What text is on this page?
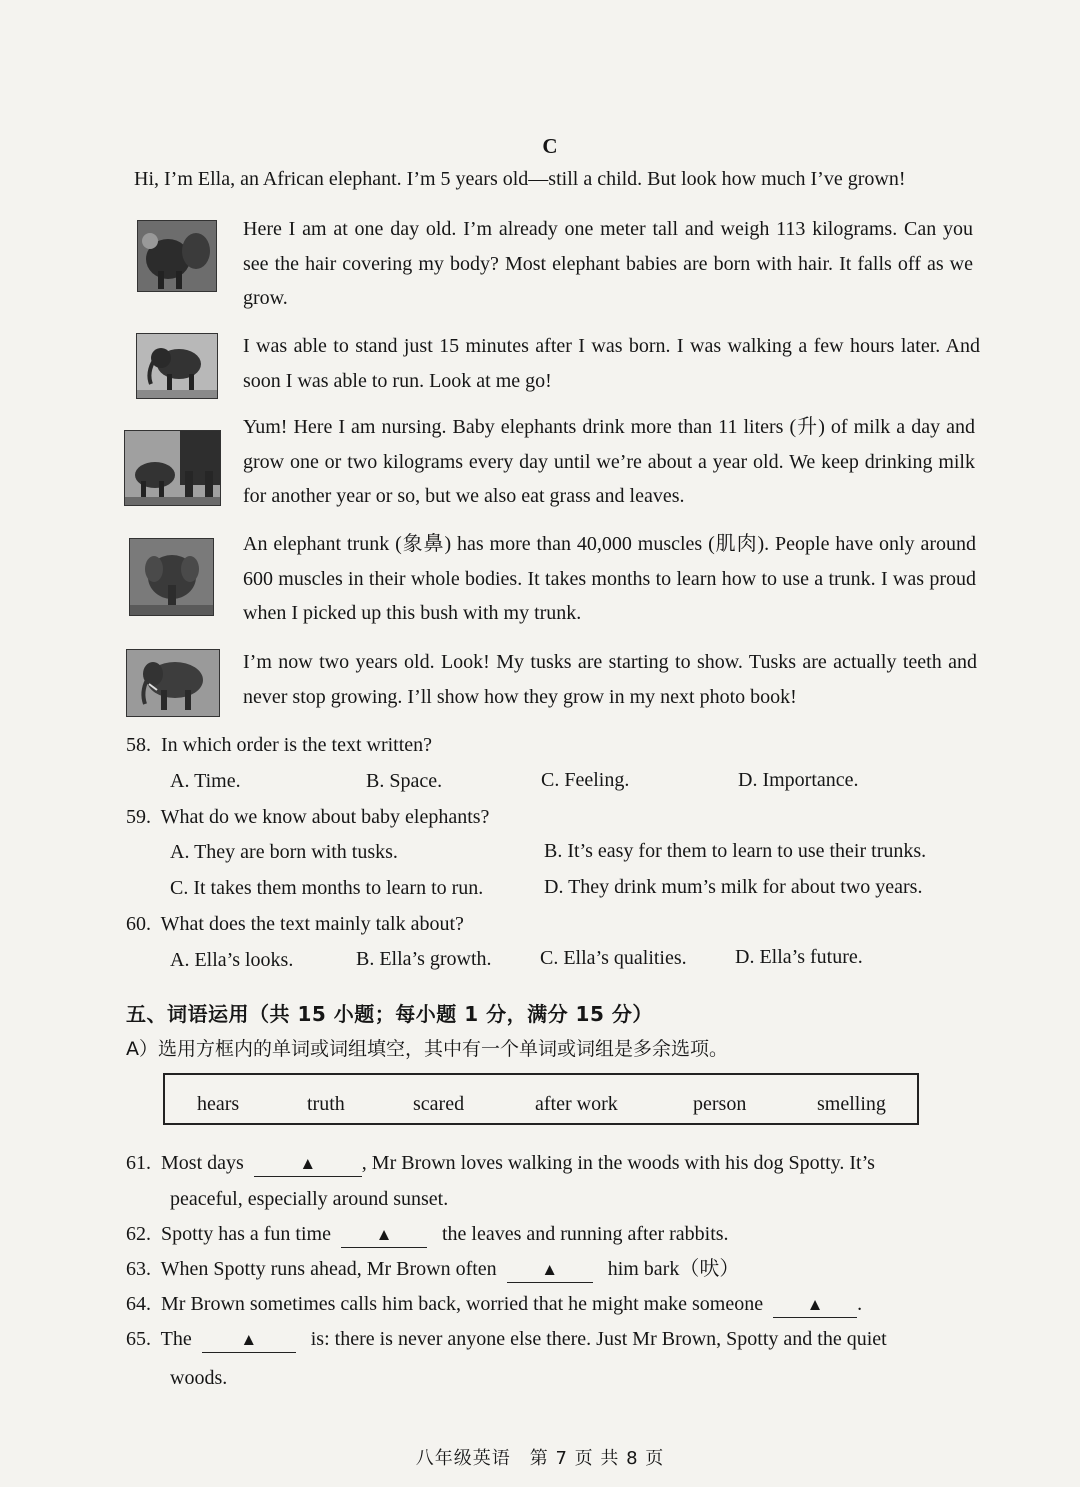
C
Hi, I’m Ella, an African elephant. I’m 5 years old—still a child. But look how much I’ve grown!
Here I am at one day old. I’m already one meter tall and weigh 113 kilograms. Can you see the hair covering my body? Most elephant babies are born with hair. It falls off as we grow.
I was able to stand just 15 minutes after I was born. I was walking a few hours later. And soon I was able to run. Look at me go!
Yum! Here I am nursing. Baby elephants drink more than 11 liters (升) of milk a day and grow one or two kilograms every day until we’re about a year old. We keep drinking milk for another year or so, but we also eat grass and leaves.
An elephant trunk (象鼻) has more than 40,000 muscles (肌肉). People have only around 600 muscles in their whole bodies. It takes months to learn how to use a trunk. I was proud when I picked up this bush with my trunk.
I’m now two years old. Look! My tusks are starting to show. Tusks are actually teeth and never stop growing. I’ll show how they grow in my next photo book!
58. In which order is the text written?
A. Time.	B. Space.	C. Feeling.	D. Importance.
59. What do we know about baby elephants?
A. They are born with tusks.	B. It’s easy for them to learn to use their trunks.
C. It takes them months to learn to run.	D. They drink mum’s milk for about two years.
60. What does the text mainly talk about?
A. Ella’s looks.	B. Ella’s growth. C. Ella’s qualities. D. Ella’s future.
五、词语运用（共 15 小题；每小题 1 分，满分 15 分）
A）选用方框内的单词或词组填空，其中有一个单词或词组是多余选项。
hears	truth	scared	after work	person	smelling
61. Most days	▲ , Mr Brown loves walking in the woods with his dog Spotty. It’s
peaceful, especially around sunset.
62. Spotty has a fun time	▲ the leaves and running after rabbits.
63. When Spotty runs ahead, Mr Brown often	▲ him bark（吠）
64. Mr Brown sometimes calls him back, worried that he might make someone	▲ .
65. The	▲	is: there is never anyone else there. Just Mr Brown, Spotty and the quiet
woods.
八年级英语　第 7 页 共 8 页
